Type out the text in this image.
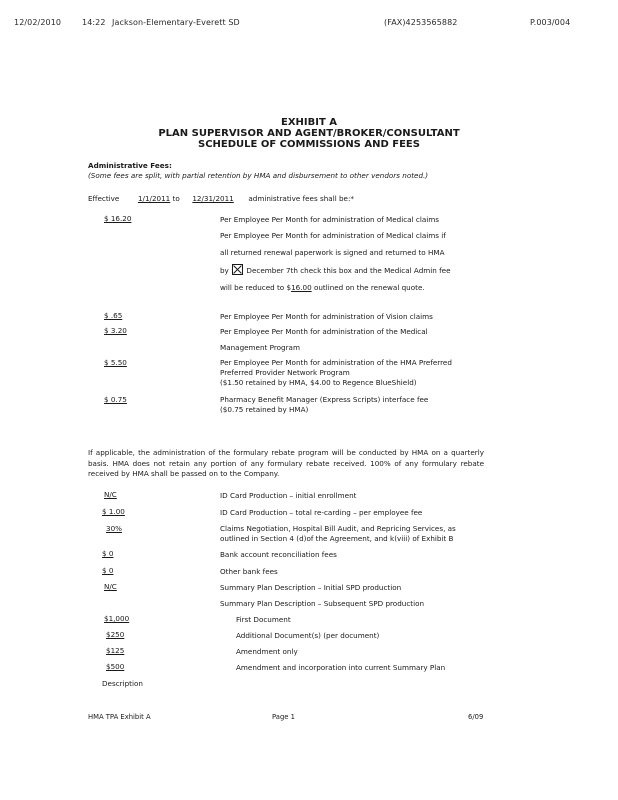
12/02/2010	14:22 Jackson-Elementary-Everett SD	(FAX)4253565882	P.003/004
EXHIBIT A
PLAN SUPERVISOR AND AGENT/BROKER/CONSULTANT
SCHEDULE OF COMMISSIONS AND FEES
Administrative Fees:
(Some fees are split, with partial retention by HMA and disbursement to other vendors noted.)
Effective	1/1/2011 to 12/31/2011 administrative fees shall be:*
$ 16.20	Per Employee Per Month for administration of Medical claims
Per Employee Per Month for administration of Medical claims if
all returned renewal paperwork is signed and returned to HMA
by December 7th check this box and the Medical Admin fee
will be reduced to $16.00 outlined on the renewal quote.
$ .65	Per Employee Per Month for administration of Vision claims
$ 3.20	Per Employee Per Month for administration of the Medical
Management Program
$ 5.50	Per Employee Per Month for administration of the HMA Preferred
Preferred Provider Network Program
($1.50 retained by HMA, $4.00 to Regence BlueShield)
$ 0.75	Pharmacy Benefit Manager (Express Scripts) interface fee
($0.75 retained by HMA)
If applicable, the administration of the formulary rebate program will be conducted by HMA on a quarterly basis. HMA does not retain any portion of any formulary rebate received. 100% of any formulary rebate received by HMA shall be passed on to the Company.
N/C	ID Card Production – initial enrollment
$ 1.00	ID Card Production – total re-carding – per employee fee
30%	Claims Negotiation, Hospital Bill Audit, and Repricing Services, as
outlined in Section 4 (d)of the Agreement, and k(viii) of Exhibit B
$ 0	Bank account reconciliation fees
$ 0	Other bank fees
N/C	Summary Plan Description – Initial SPD production
Summary Plan Description – Subsequent SPD production
$1,000	First Document
$250	Additional Document(s) (per document)
$125	Amendment only
$500	Amendment and incorporation into current Summary Plan
Description
HMA TPA Exhibit A	Page 1	6/09
